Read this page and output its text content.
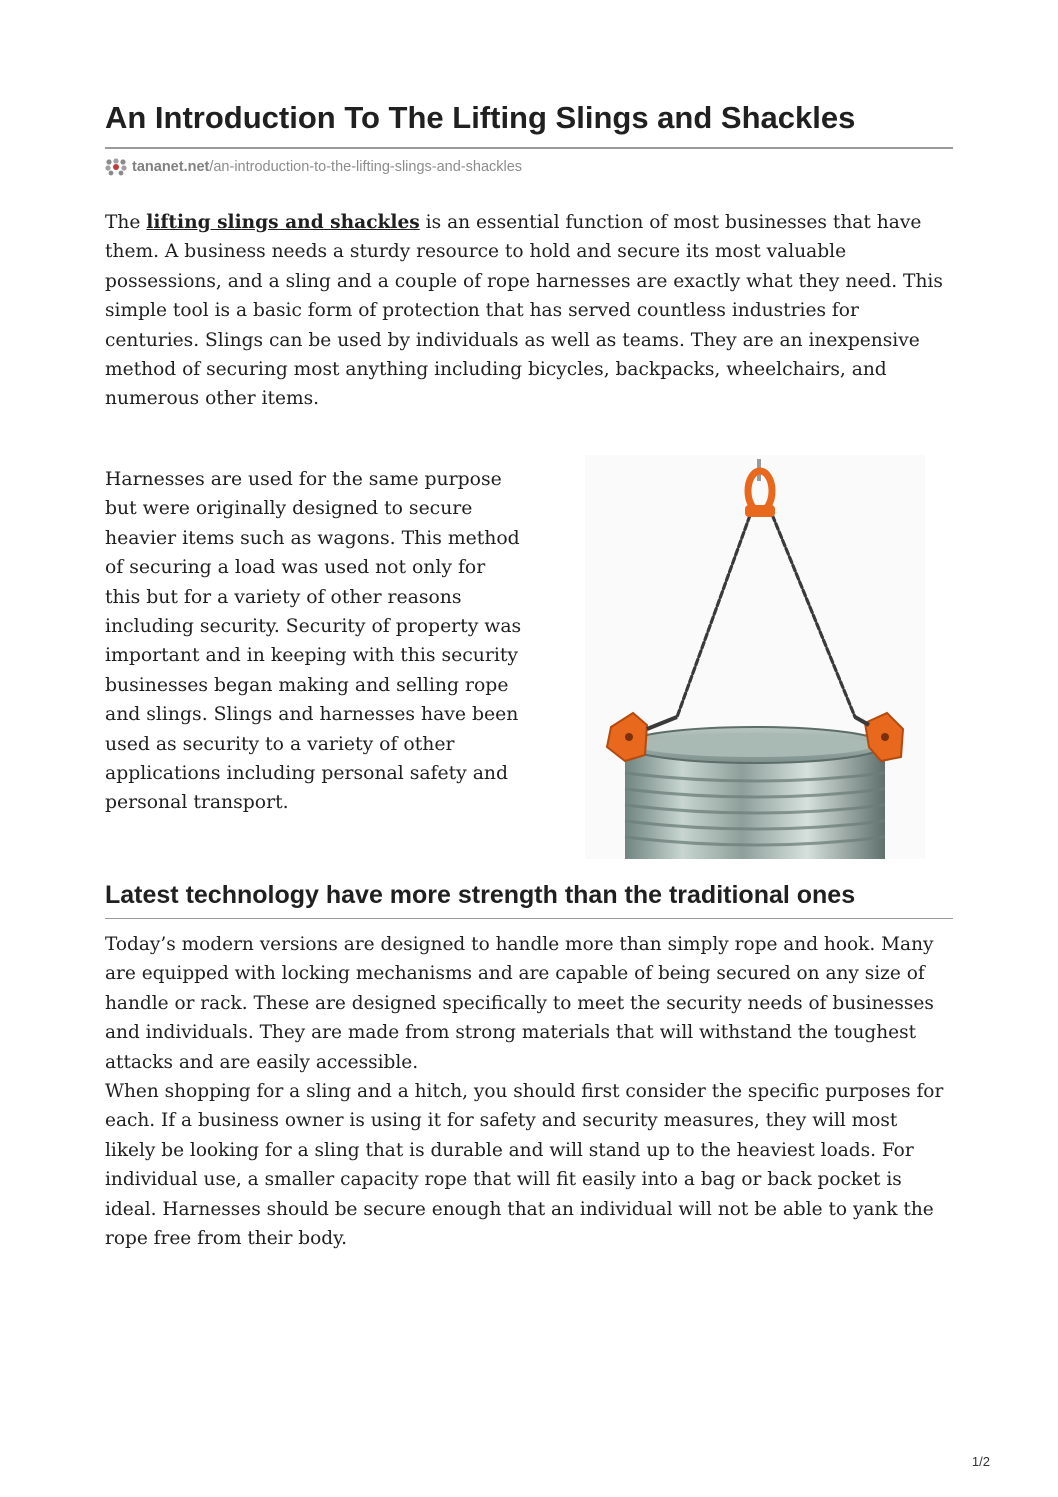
An Introduction To The Lifting Slings and Shackles
tananet.net /an-introduction-to-the-lifting-slings-and-shackles

The lifting slings and shackles is an essential function of most businesses that have them. A business needs a sturdy resource to hold and secure its most valuable possessions, and a sling and a couple of rope harnesses are exactly what they need. This simple tool is a basic form of protection that has served countless industries for centuries. Slings can be used by individuals as well as teams. They are an inexpensive method of securing most anything including bicycles, backpacks, wheelchairs, and numerous other items.

Harnesses are used for the same purpose but were originally designed to secure heavier items such as wagons. This method of securing a load was used not only for this but for a variety of other reasons including security. Security of property was important and in keeping with this security businesses began making and selling rope and slings. Slings and harnesses have been used as security to a variety of other applications including personal safety and personal transport.

Latest technology have more strength than the traditional ones

Today’s modern versions are designed to handle more than simply rope and hook. Many are equipped with locking mechanisms and are capable of being secured on any size of handle or rack. These are designed specifically to meet the security needs of businesses and individuals. They are made from strong materials that will withstand the toughest attacks and are easily accessible.

When shopping for a sling and a hitch, you should first consider the specific purposes for each. If a business owner is using it for safety and security measures, they will most likely be looking for a sling that is durable and will stand up to the heaviest loads. For individual use, a smaller capacity rope that will fit easily into a bag or back pocket is ideal. Harnesses should be secure enough that an individual will not be able to yank the rope free from their body.

1/2
